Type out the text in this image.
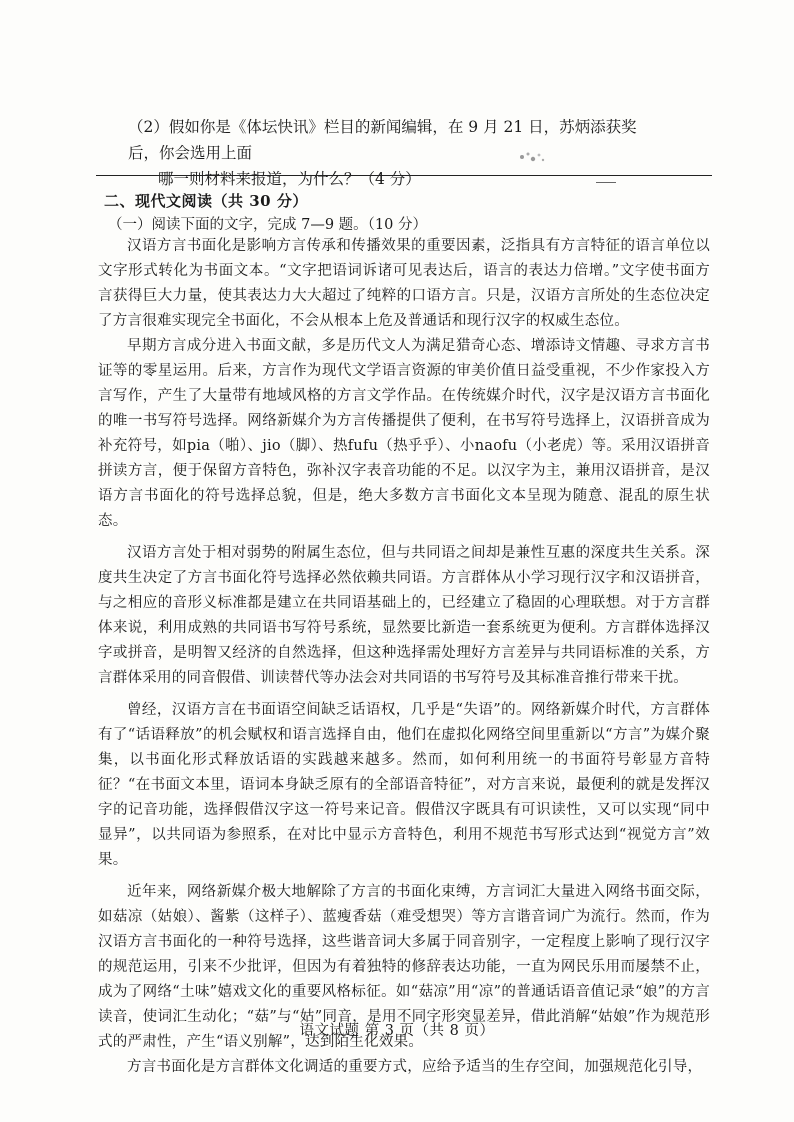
（2）假如你是《体坛快讯》栏目的新闻编辑，在 9 月 21 日，苏炳添获奖后，你会选用上面
哪一则材料来报道，为什么？（4 分）
二、现代文阅读（共 30 分）
（一）阅读下面的文字，完成 7—9 题。（10 分）

汉语方言书面化是影响方言传承和传播效果的重要因素，泛指具有方言特征的语言单位以文字形式转化为书面文本。“文字把语词诉诸可见表达后，语言的表达力倍增。”文字使书面方言获得巨大力量，使其表达力大大超过了纯粹的口语方言。只是，汉语方言所处的生态位决定了方言很难实现完全书面化，不会从根本上危及普通话和现行汉字的权威生态位。

早期方言成分进入书面文献，多是历代文人为满足猎奇心态、增添诗文情趣、寻求方言书证等的零星运用。后来，方言作为现代文学语言资源的审美价值日益受重视，不少作家投入方言写作，产生了大量带有地域风格的方言文学作品。在传统媒介时代，汉字是汉语方言书面化的唯一书写符号选择。网络新媒介为方言传播提供了便利，在书写符号选择上，汉语拼音成为补充符号，如pia（啪）、jio（脚）、热fufu（热乎乎）、小naofu（小老虎）等。采用汉语拼音拼读方言，便于保留方音特色，弥补汉字表音功能的不足。以汉字为主，兼用汉语拼音，是汉语方言书面化的符号选择总貌，但是，绝大多数方言书面化文本呈现为随意、混乱的原生状态。

汉语方言处于相对弱势的附属生态位，但与共同语之间却是兼性互惠的深度共生关系。深度共生决定了方言书面化符号选择必然依赖共同语。方言群体从小学习现行汉字和汉语拼音，与之相应的音形义标准都是建立在共同语基础上的，已经建立了稳固的心理联想。对于方言群体来说，利用成熟的共同语书写符号系统，显然要比新造一套系统更为便利。方言群体选择汉字或拼音，是明智又经济的自然选择，但这种选择需处理好方言差异与共同语标准的关系，方言群体采用的同音假借、训读替代等办法会对共同语的书写符号及其标准音推行带来干扰。

曾经，汉语方言在书面语空间缺乏话语权，几乎是“失语”的。网络新媒介时代，方言群体有了“话语释放”的机会赋权和语言选择自由，他们在虚拟化网络空间里重新以“方言”为媒介聚集，以书面化形式释放话语的实践越来越多。然而，如何利用统一的书面符号彰显方音特征？“在书面文本里，语词本身缺乏原有的全部语音特征”，对方言来说，最便利的就是发挥汉字的记音功能，选择假借汉字这一符号来记音。假借汉字既具有可识读性，又可以实现“同中显异”，以共同语为参照系，在对比中显示方音特色，利用不规范书写形式达到“视觉方言”效果。

近年来，网络新媒介极大地解除了方言的书面化束缚，方言词汇大量进入网络书面交际，如菇凉（姑娘）、酱紫（这样子）、蓝瘦香菇（难受想哭）等方言谐音词广为流行。然而，作为汉语方言书面化的一种符号选择，这些谐音词大多属于同音别字，一定程度上影响了现行汉字的规范运用，引来不少批评，但因为有着独特的修辞表达功能，一直为网民乐用而屡禁不止，成为了网络“土味”嬉戏文化的重要风格标征。如“菇凉”用“凉”的普通话语音值记录“娘”的方言读音，使词汇生动化；“菇”与“姑”同音，是用不同字形突显差异，借此消解“姑娘”作为规范形式的严肃性，产生“语义别解”，达到陌生化效果。

方言书面化是方言群体文化调适的重要方式，应给予适当的生存空间，加强规范化引导，

语文试题 第 3 页（共 8 页）
